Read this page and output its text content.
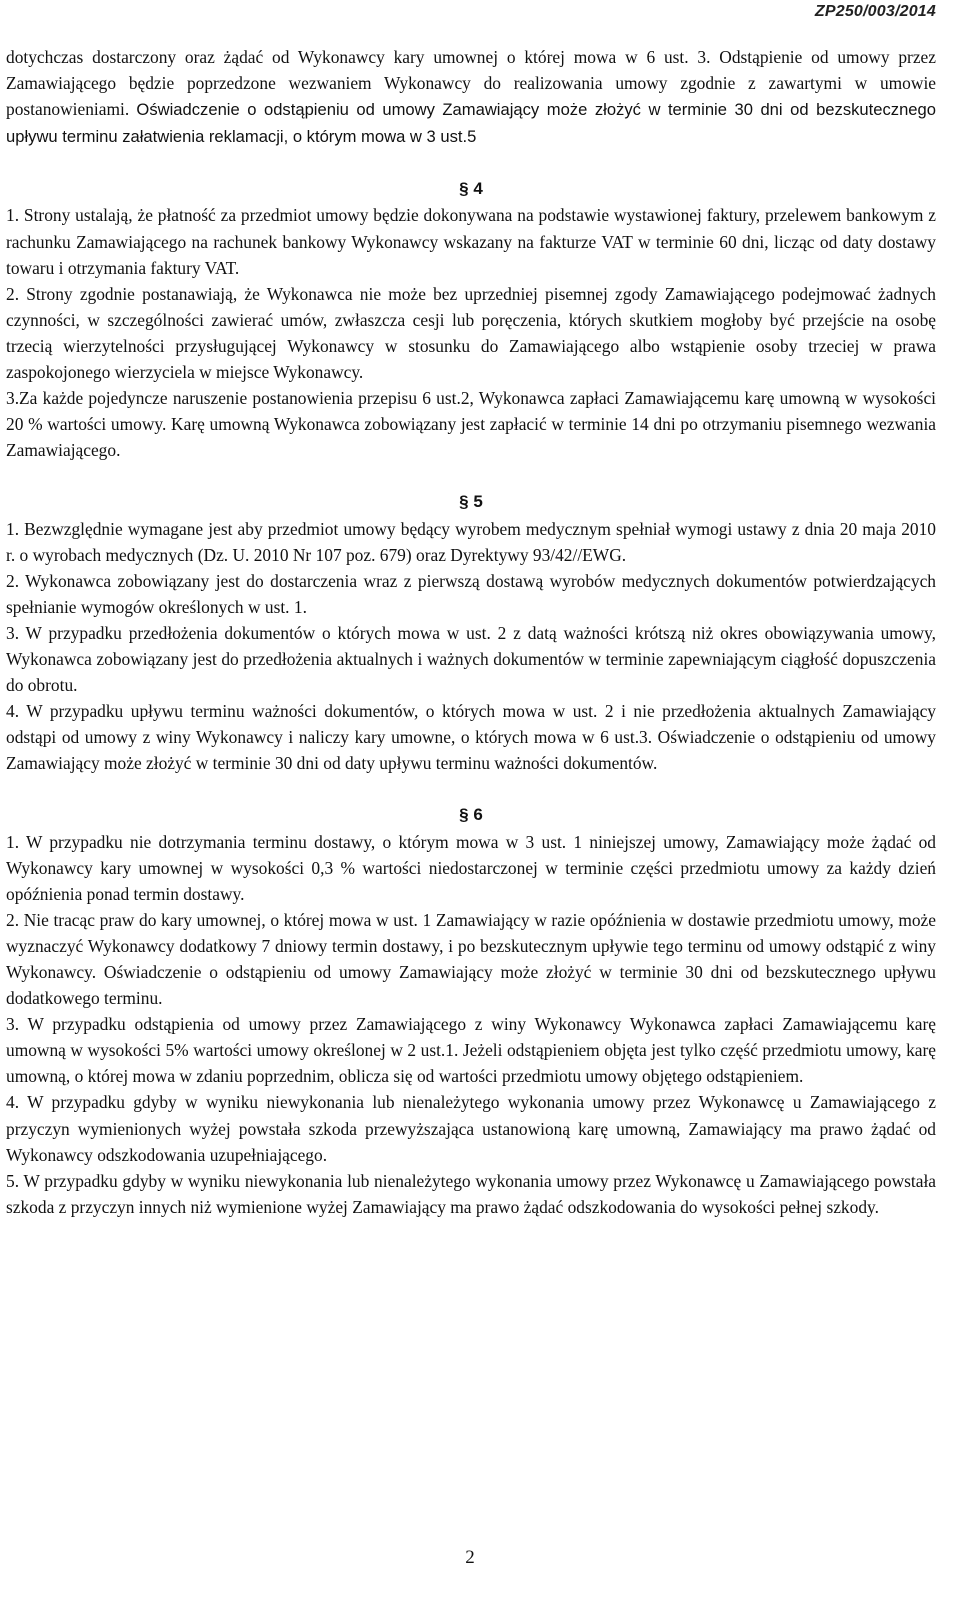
ZP250/003/2014

dotychczas dostarczony oraz żądać od Wykonawcy kary umownej o której mowa w 6 ust. 3. Odstąpienie od umowy przez Zamawiającego będzie poprzedzone wezwaniem Wykonawcy do realizowania umowy zgodnie z zawartymi w umowie postanowieniami. Oświadczenie o odstąpieniu od umowy Zamawiający może złożyć w terminie 30 dni od bezskutecznego upływu terminu załatwienia reklamacji, o którym mowa w 3 ust.5

§ 4

1. Strony ustalają, że płatność za przedmiot umowy będzie dokonywana na podstawie wystawionej faktury, przelewem bankowym z rachunku Zamawiającego na rachunek bankowy Wykonawcy wskazany na fakturze VAT w terminie 60 dni, licząc od daty dostawy towaru i otrzymania faktury VAT.

2. Strony zgodnie postanawiają, że Wykonawca nie może bez uprzedniej pisemnej zgody Zamawiającego podejmować żadnych czynności, w szczególności zawierać umów, zwłaszcza cesji lub poręczenia, których skutkiem mogłoby być przejście na osobę trzecią wierzytelności przysługującej Wykonawcy w stosunku do Zamawiającego albo wstąpienie osoby trzeciej w prawa zaspokojonego wierzyciela w miejsce Wykonawcy.

3.Za każde pojedyncze naruszenie postanowienia przepisu 6 ust.2, Wykonawca zapłaci Zamawiającemu karę umowną w wysokości 20 % wartości umowy. Karę umowną Wykonawca zobowiązany jest zapłacić w terminie 14 dni po otrzymaniu pisemnego wezwania Zamawiającego.

§ 5

1. Bezwzględnie wymagane jest aby przedmiot umowy będący wyrobem medycznym spełniał wymogi ustawy z dnia 20 maja 2010 r. o wyrobach medycznych (Dz. U. 2010 Nr 107 poz. 679) oraz Dyrektywy 93/42//EWG.

2. Wykonawca zobowiązany jest do dostarczenia wraz z pierwszą dostawą wyrobów medycznych dokumentów potwierdzających spełnianie wymogów określonych w ust. 1.

3. W przypadku przedłożenia dokumentów o których mowa w ust. 2 z datą ważności krótszą niż okres obowiązywania umowy, Wykonawca zobowiązany jest do przedłożenia aktualnych i ważnych dokumentów w terminie zapewniającym ciągłość dopuszczenia do obrotu.

4. W przypadku upływu terminu ważności dokumentów, o których mowa w ust. 2 i nie przedłożenia aktualnych Zamawiający odstąpi od umowy z winy Wykonawcy i naliczy kary umowne, o których mowa w 6 ust.3. Oświadczenie o odstąpieniu od umowy Zamawiający może złożyć w terminie 30 dni od daty upływu terminu ważności dokumentów.

§ 6

1. W przypadku nie dotrzymania terminu dostawy, o którym mowa w 3 ust. 1 niniejszej umowy, Zamawiający może żądać od Wykonawcy kary umownej w wysokości 0,3 % wartości niedostarczonej w terminie części przedmiotu umowy za każdy dzień opóźnienia ponad termin dostawy.

2. Nie tracąc praw do kary umownej, o której mowa w ust. 1 Zamawiający w razie opóźnienia w dostawie przedmiotu umowy, może wyznaczyć Wykonawcy dodatkowy 7 dniowy termin dostawy, i po bezskutecznym upływie tego terminu od umowy odstąpić z winy Wykonawcy. Oświadczenie o odstąpieniu od umowy Zamawiający może złożyć w terminie 30 dni od bezskutecznego upływu dodatkowego terminu.

3. W przypadku odstąpienia od umowy przez Zamawiającego z winy Wykonawcy Wykonawca zapłaci Zamawiającemu karę umowną w wysokości 5% wartości umowy określonej w 2 ust.1. Jeżeli odstąpieniem objęta jest tylko część przedmiotu umowy, karę umowną, o której mowa w zdaniu poprzednim, oblicza się od wartości przedmiotu umowy objętego odstąpieniem.

4. W przypadku gdyby w wyniku niewykonania lub nienależytego wykonania umowy przez Wykonawcę u Zamawiającego z przyczyn wymienionych wyżej powstała szkoda przewyższająca ustanowioną karę umowną, Zamawiający ma prawo żądać od Wykonawcy odszkodowania uzupełniającego.

5. W przypadku gdyby w wyniku niewykonania lub nienależytego wykonania umowy przez Wykonawcę u Zamawiającego powstała szkoda z przyczyn innych niż wymienione wyżej Zamawiający ma prawo żądać odszkodowania do wysokości pełnej szkody.

2
